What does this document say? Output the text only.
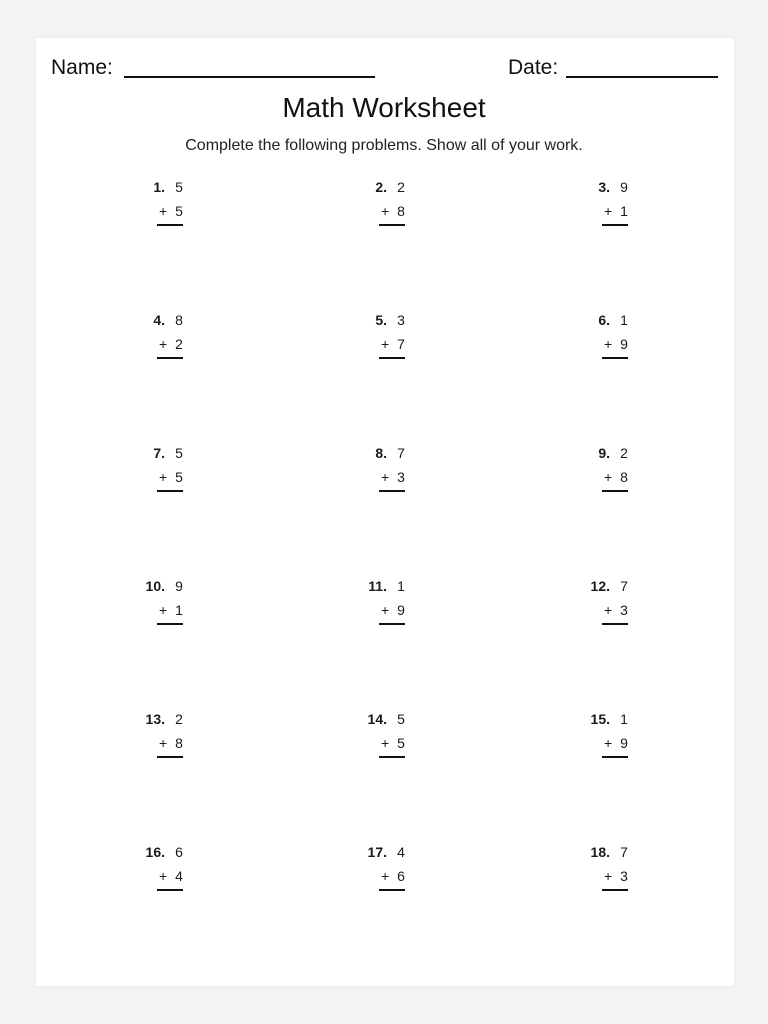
Name:	Date:
Math Worksheet
Complete the following problems. Show all of your work.
1. 5
+ 5
2. 2
+ 8
3. 9
+ 1
4. 8
+ 2
5. 3
+ 7
6. 1
+ 9
7. 5
+ 5
8. 7
+ 3
9. 2
+ 8
10. 9
+ 1
11. 1
+ 9
12. 7
+ 3
13. 2
+ 8
14. 5
+ 5
15. 1
+ 9
16. 6
+ 4
17. 4
+ 6
18. 7
+ 3
